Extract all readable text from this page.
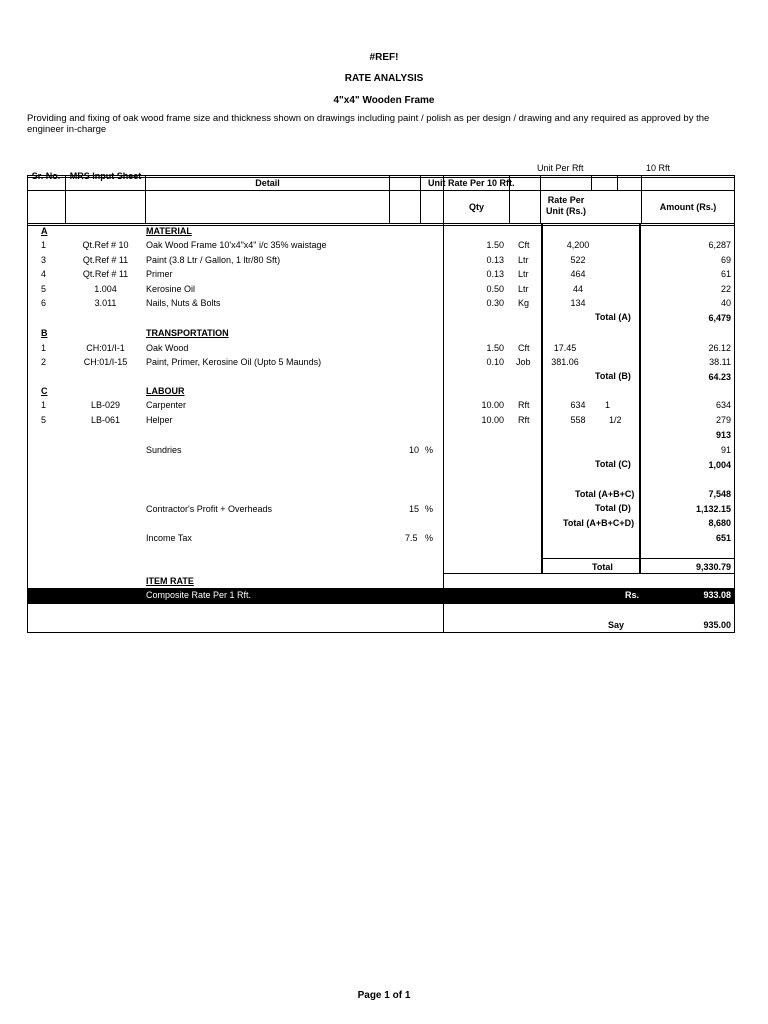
#REF!
RATE ANALYSIS
4"x4" Wooden Frame
Providing and fixing of oak wood frame size and thickness shown on drawings including paint / polish as per design / drawing and any required as approved by the engineer in-charge
Unit Per Rft	10 Rft
Sr. No.	MRS Input Sheet
Detail	Unit Rate Per 10 Rft.
Qty
Rate Per Unit (Rs.)	Amount (Rs.)
A	MATERIAL
1	Qt.Ref # 10	Oak Wood Frame 10'x4"x4" i/c 35% waistage	1.50 Cft	4,200	6,287
3	Qt.Ref # 11	Paint (3.8 Ltr / Gallon, 1 ltr/80 Sft)	0.13 Ltr	522	69
4	Qt.Ref # 11	Primer	0.13 Ltr	464	61
5	1.004	Kerosine Oil	0.50 Ltr	44	22
6	3.011	Nails, Nuts & Bolts	0.30 Kg	134	40
Total (A)	6,479
B	TRANSPORTATION
1	CH:01/I-1	Oak Wood	1.50 Cft	17.45	26.12
2	CH:01/I-15	Paint, Primer, Kerosine Oil (Upto 5 Maunds)	0.10 Job	381.06	38.11
Total (B)	64.23
C	LABOUR
1	LB-029	Carpenter	10.00 Rft	634	1	634
5	LB-061	Helper	10.00 Rft	558	1/2	279
913
Sundries	10 %	91
Total (C)	1,004
Total (A+B+C)	7,548
Contractor's Profit + Overheads	15 %	Total (D)	1,132.15
Total (A+B+C+D)	8,680
Income Tax	7.5 %	651
Total	9,330.79
ITEM RATE
Composite Rate Per 1 Rft.	Rs.	933.08
Say	935.00
Page 1 of 1
